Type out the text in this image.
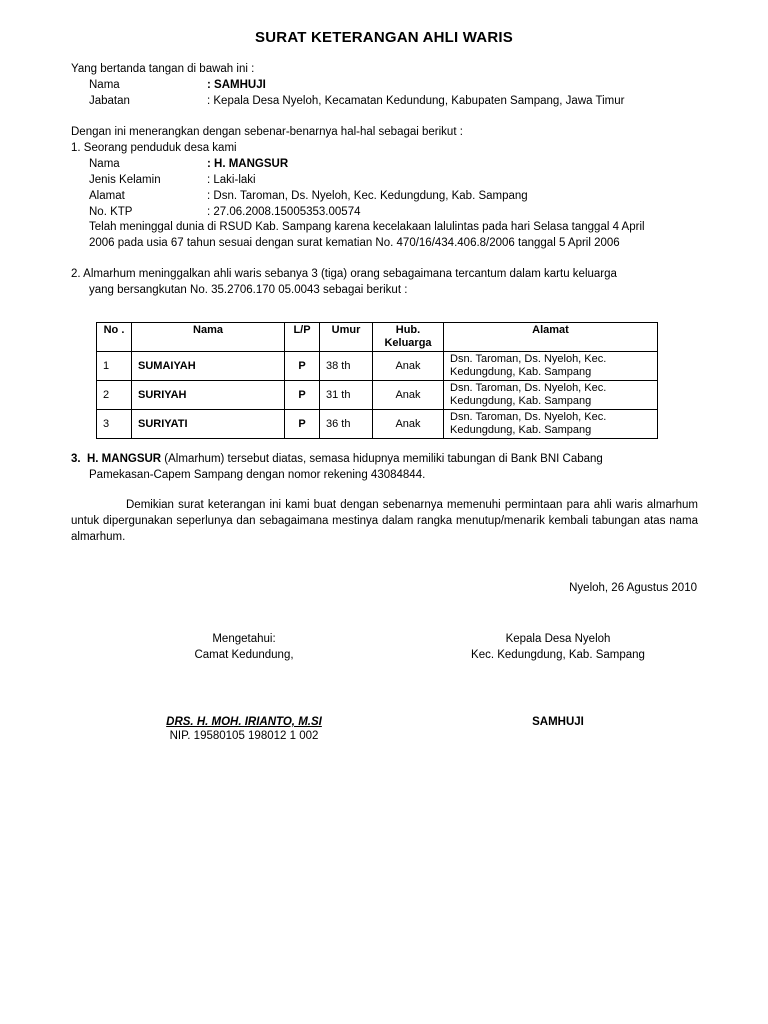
SURAT KETERANGAN AHLI WARIS
Yang bertanda tangan di bawah ini :
Nama	: SAMHUJI
Jabatan	: Kepala Desa Nyeloh, Kecamatan Kedundung, Kabupaten Sampang, Jawa Timur
Dengan ini menerangkan dengan sebenar-benarnya hal-hal sebagai berikut :
1. Seorang penduduk desa kami
Nama	: H. MANGSUR
Jenis Kelamin	: Laki-laki
Alamat	: Dsn. Taroman, Ds. Nyeloh, Kec. Kedungdung, Kab. Sampang
No. KTP	: 27.06.2008.15005353.00574
Telah meninggal dunia di RSUD Kab. Sampang karena kecelakaan lalulintas pada hari Selasa tanggal 4 April
2006 pada usia 67 tahun sesuai dengan surat kematian No. 470/16/434.406.8/2006 tanggal 5 April 2006
2. Almarhum meninggalkan ahli waris sebanya 3 (tiga) orang sebagaimana tercantum dalam kartu keluarga
yang bersangkutan No. 35.2706.170 05.0043 sebagai berikut :
No .	Nama	L/P	Umur	Hub. Keluarga	Alamat
1	SUMAIYAH	P	38 th	Anak	Dsn. Taroman, Ds. Nyeloh, Kec. Kedungdung, Kab. Sampang
2	SURIYAH	P	31 th	Anak	Dsn. Taroman, Ds. Nyeloh, Kec. Kedungdung, Kab. Sampang
3	SURIYATI	P	36 th	Anak	Dsn. Taroman, Ds. Nyeloh, Kec. Kedungdung, Kab. Sampang
3. H. MANGSUR (Almarhum) tersebut diatas, semasa hidupnya memiliki tabungan di Bank BNI Cabang
Pamekasan-Capem Sampang dengan nomor rekening 43084844.
Demikian surat keterangan ini kami buat dengan sebenarnya memenuhi permintaan para ahli waris almarhum untuk dipergunakan seperlunya dan sebagaimana mestinya dalam rangka menutup/menarik kembali tabungan atas nama almarhum.
Nyeloh, 26 Agustus 2010
Mengetahui:
Camat Kedundung,
DRS. H. MOH. IRIANTO, M.SI
NIP. 19580105 198012 1 002
Kepala Desa Nyeloh
Kec. Kedungdung, Kab. Sampang
SAMHUJI
